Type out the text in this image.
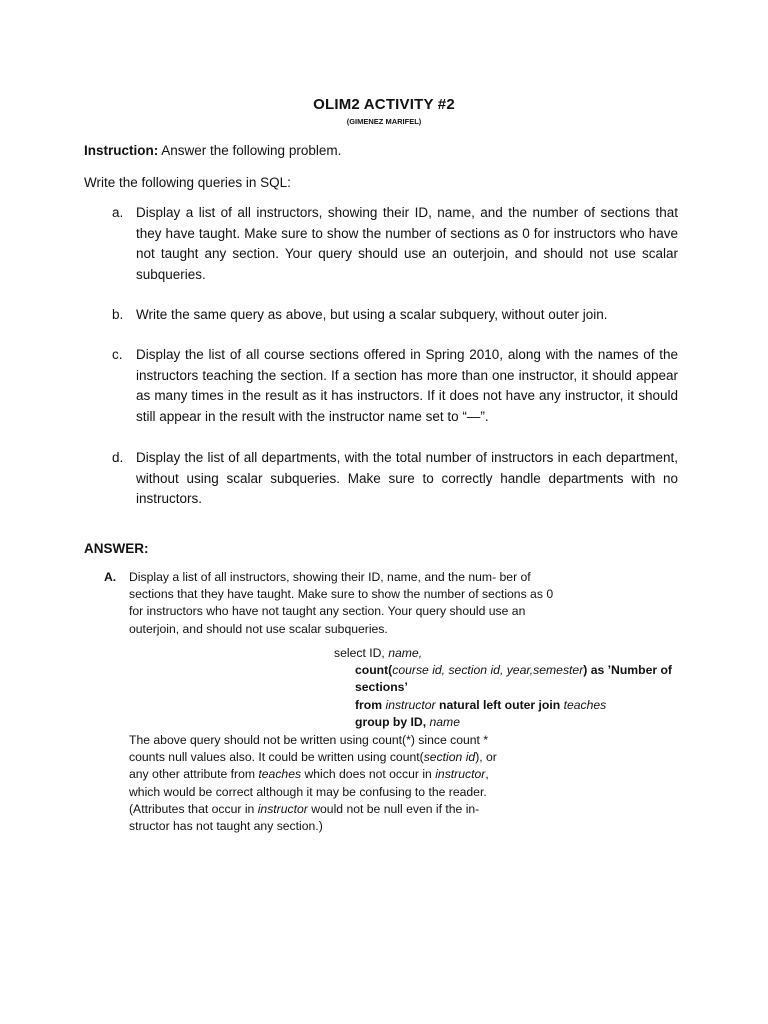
OLIM2 ACTIVITY #2
(GIMENEZ MARIFEL)
Instruction: Answer the following problem.
Write the following queries in SQL:
a. Display a list of all instructors, showing their ID, name, and the number of sections that they have taught. Make sure to show the number of sections as 0 for instructors who have not taught any section. Your query should use an outerjoin, and should not use scalar subqueries.
b. Write the same query as above, but using a scalar subquery, without outer join.
c. Display the list of all course sections offered in Spring 2010, along with the names of the instructors teaching the section. If a section has more than one instructor, it should appear as many times in the result as it has instructors. If it does not have any instructor, it should still appear in the result with the instructor name set to “—”.
d. Display the list of all departments, with the total number of instructors in each department, without using scalar subqueries. Make sure to correctly handle departments with no instructors.
ANSWER:
A. Display a list of all instructors, showing their ID, name, and the num- ber of
sections that they have taught. Make sure to show the number of sections as 0
for instructors who have not taught any section. Your query should use an
outerjoin, and should not use scalar subqueries.
select ID, name,
count(course id, section id, year,semester) as ’Number of
sections’
from instructor natural left outer join teaches
group by ID, name
The above query should not be written using count(*) since count *
counts null values also. It could be written using count(section id), or
any other attribute from teaches which does not occur in instructor,
which would be correct although it may be confusing to the reader.
(Attributes that occur in instructor would not be null even if the in-
structor has not taught any section.)
